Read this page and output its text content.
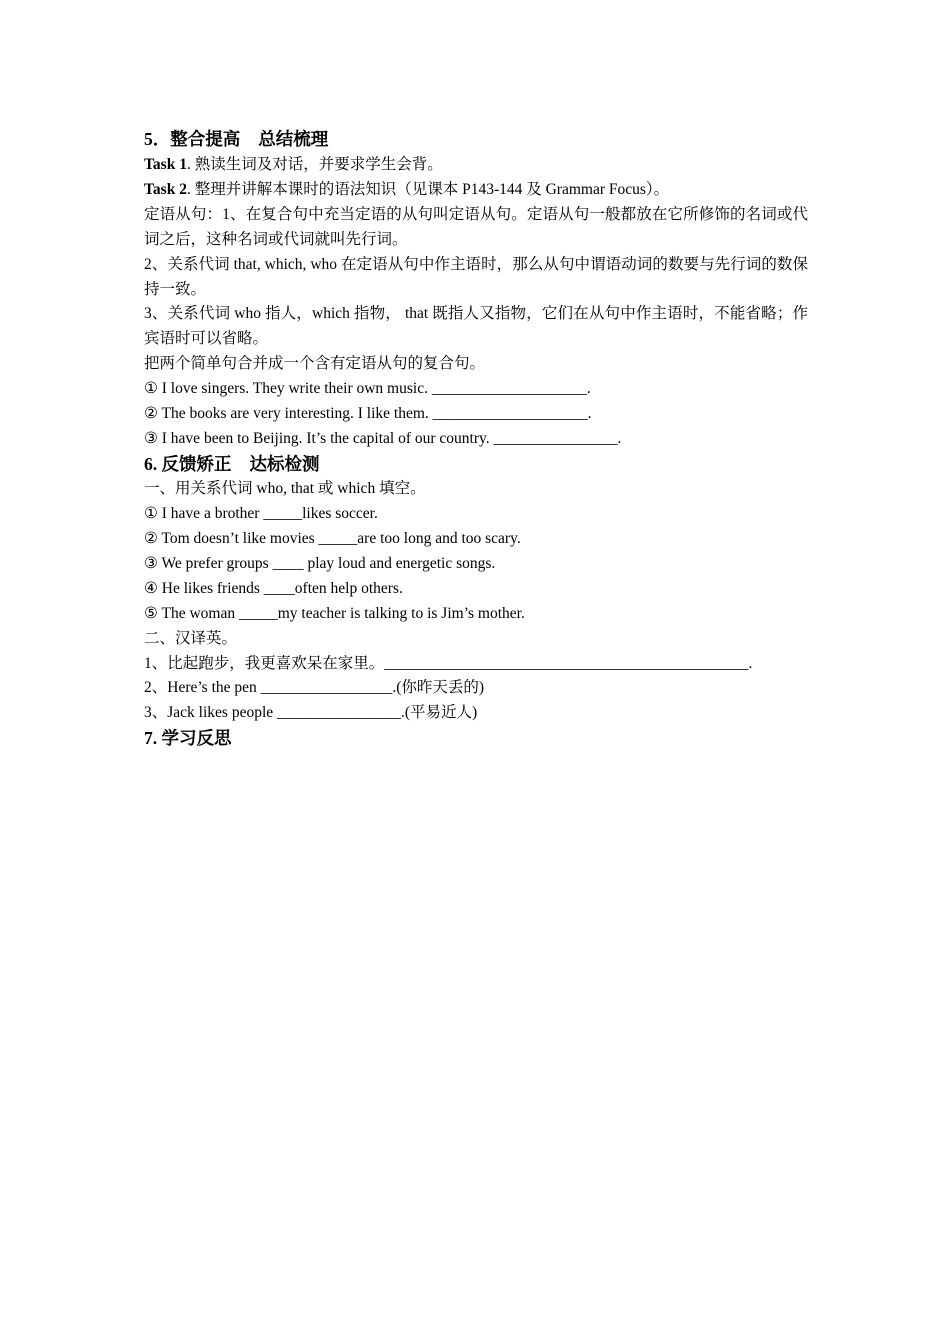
5．整合提高 总结梳理
Task 1. 熟读生词及对话，并要求学生会背。
Task 2. 整理并讲解本课时的语法知识（见课本 P143-144 及 Grammar Focus）。
定语从句：1、在复合句中充当定语的从句叫定语从句。定语从句一般都放在它所修饰的名词或代词之后，这种名词或代词就叫先行词。
2、关系代词 that, which, who 在定语从句中作主语时，那么从句中谓语动词的数要与先行词的数保持一致。
3、关系代词 who 指人，which 指物， that 既指人又指物，它们在从句中作主语时，不能省略；作宾语时可以省略。
把两个简单句合并成一个含有定语从句的复合句。
① I love singers. They write their own music. ____________________.
② The books are very interesting. I like them. ____________________.
③ I have been to Beijing. It’s the capital of our country. ________________.
6. 反馈矫正 达标检测
一、用关系代词 who, that 或 which 填空。
① I have a brother _____likes soccer.
② Tom doesn’t like movies _____are too long and too scary.
③ We prefer groups ____ play loud and energetic songs.
④ He likes friends ____often help others.
⑤ The woman _____my teacher is talking to is Jim’s mother.
二、汉译英。
1、比起跑步，我更喜欢呆在家里。_______________________________________________.
2、Here’s the pen _________________.(你昨天丢的)
3、Jack likes people ________________.(平易近人)
7. 学习反思
